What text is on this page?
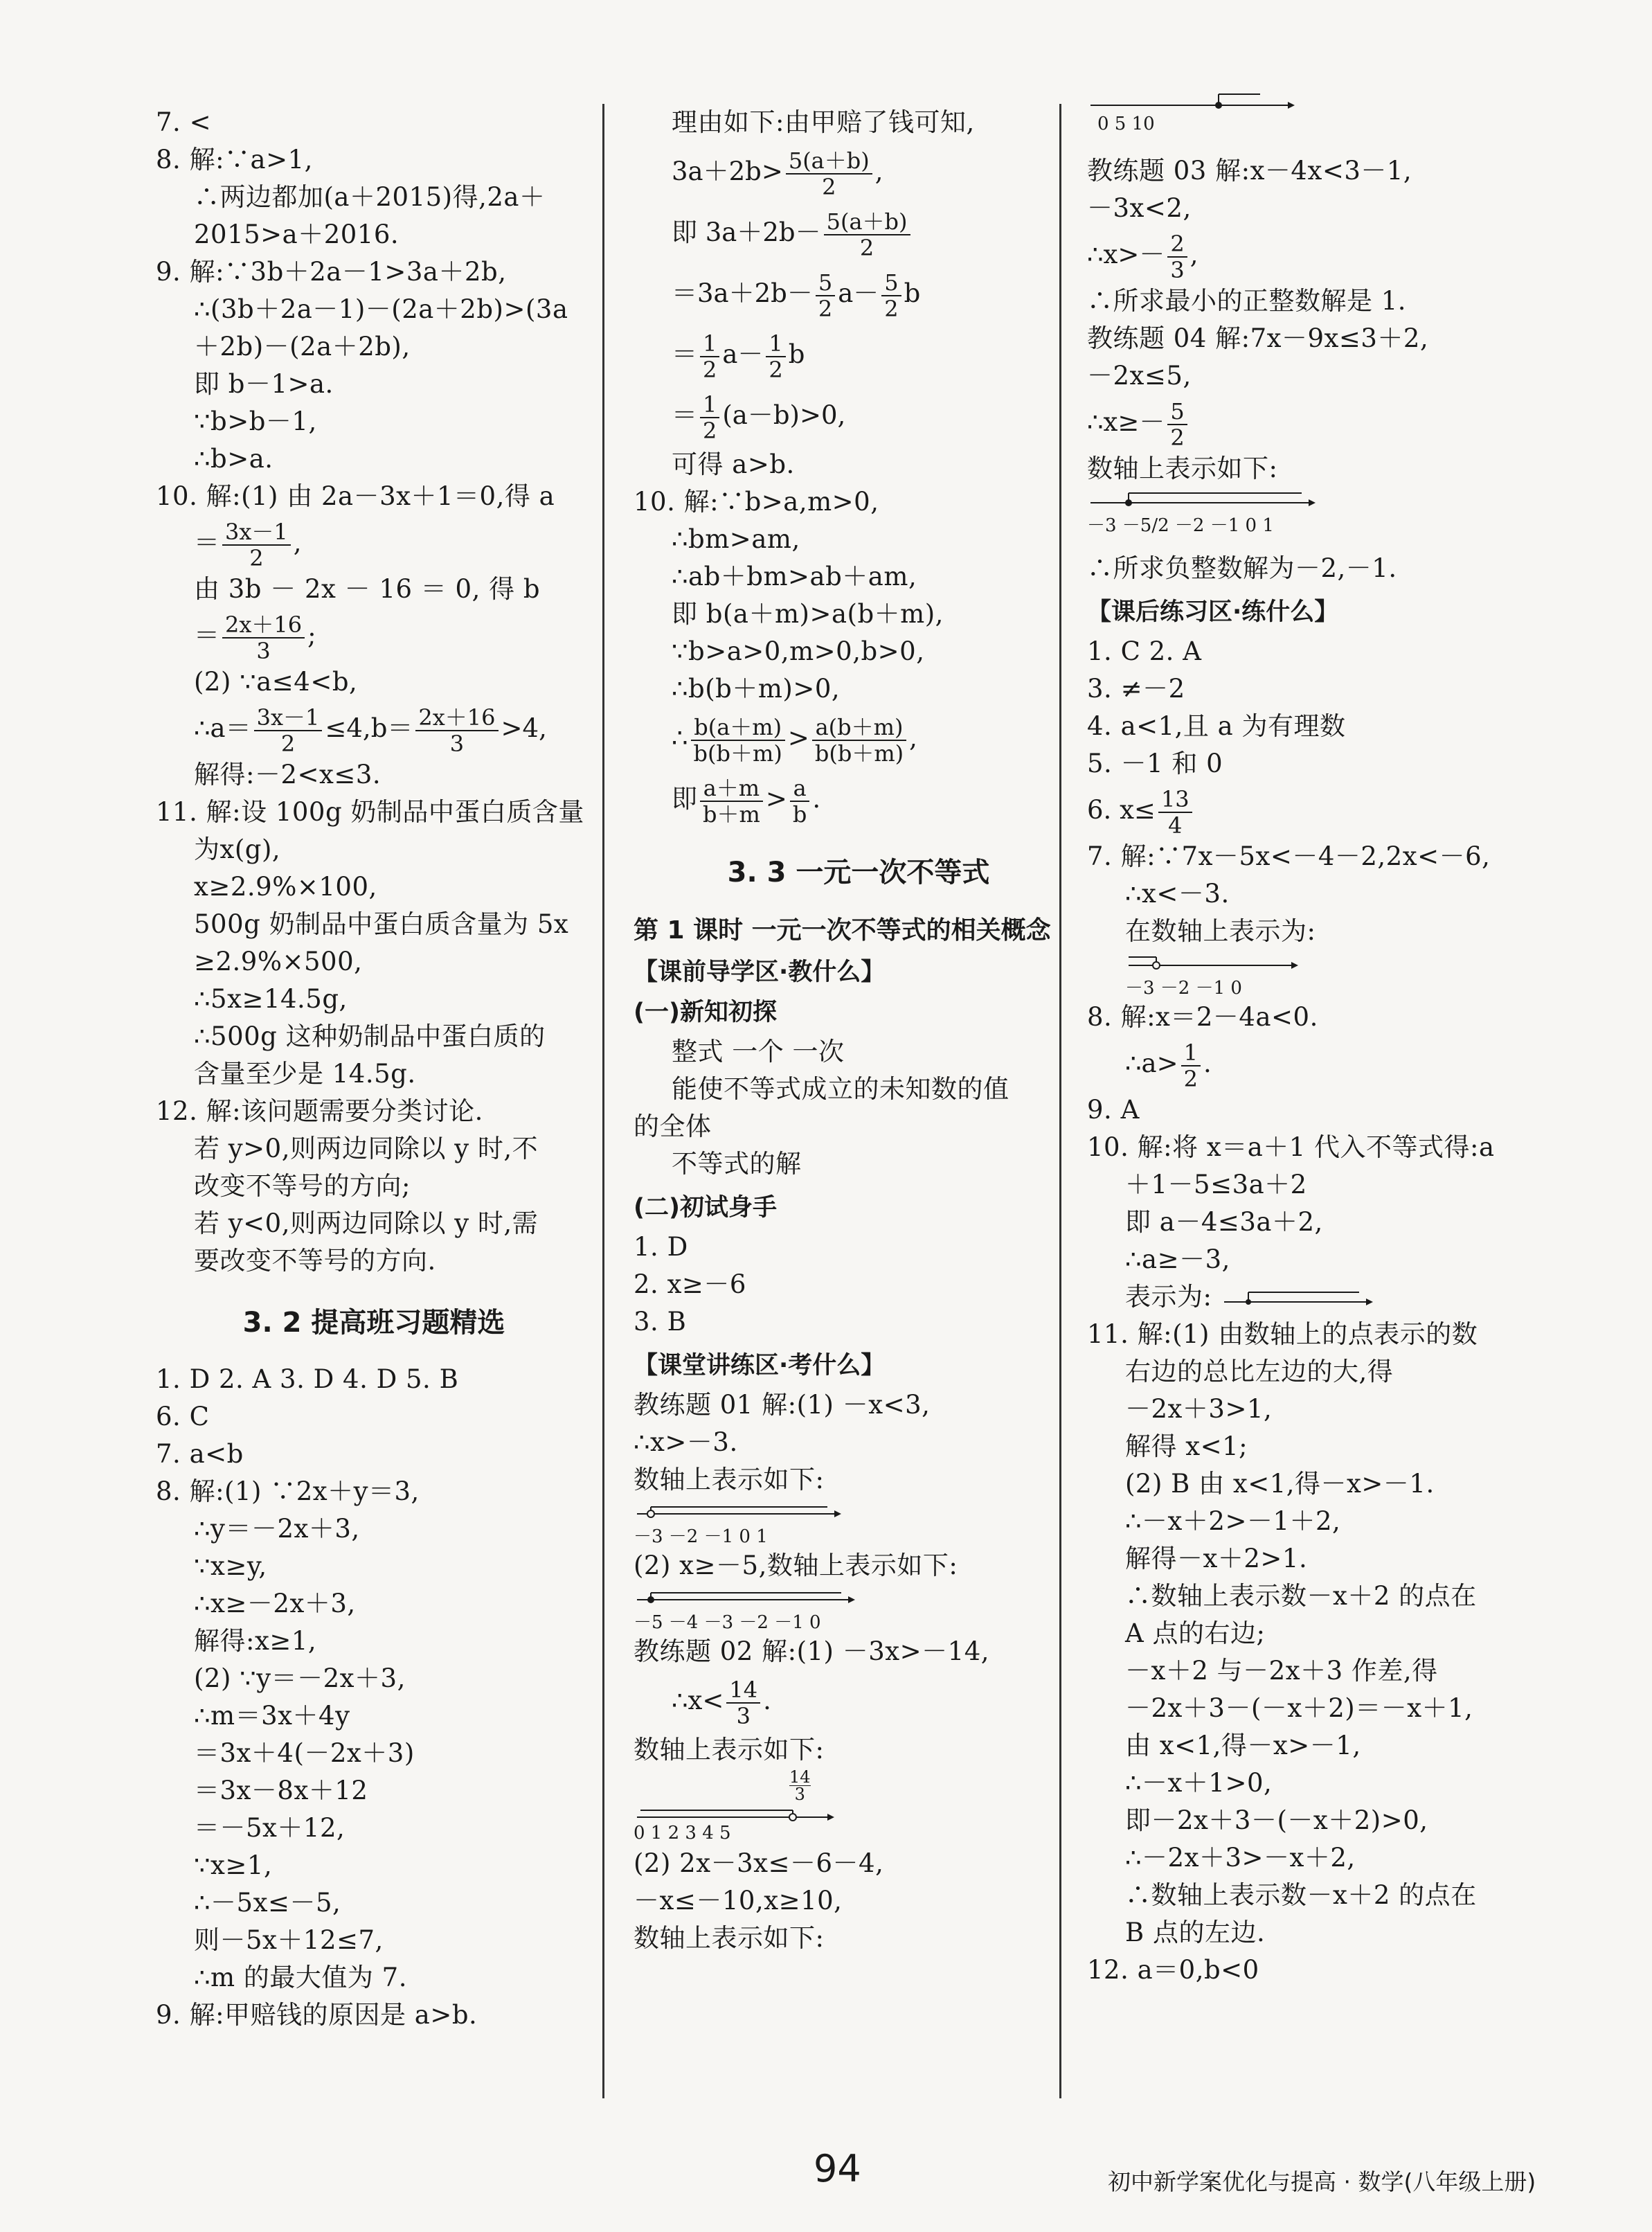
7. <
8. 解:∵a>1,
∴两边都加(a＋2015)得,2a＋
2015>a＋2016.
9. 解:∵3b＋2a－1>3a＋2b,
∴(3b＋2a－1)－(2a＋2b)>(3a
＋2b)－(2a＋2b),
即 b－1>a.
∵b>b－1,
∴b>a.
10. 解:(1) 由 2a－3x＋1＝0,得 a
＝ $\frac{3x-1}{2}$ ,
由 3b － 2x － 16 ＝ 0, 得 b
＝ $\frac{2x+16}{3}$ ;
(2) ∵a≤4<b,
∴a＝ $\frac{3x-1}{2} \le 4,b= \frac{2x+16}{3} >4$,
解得:－2<x≤3.
11. 解:设 100g 奶制品中蛋白质含量
为x(g),
x≥2.9%×100,
500g 奶制品中蛋白质含量为 5x
≥2.9%×500,
∴5x≥14.5g,
∴500g 这种奶制品中蛋白质的
含量至少是 14.5g.
12. 解:该问题需要分类讨论.
若 y>0,则两边同除以 y 时,不
改变不等号的方向;
若 y<0,则两边同除以 y 时,需
要改变不等号的方向.
3. 2 提高班习题精选
1. D 2. A 3. D 4. D 5. B
6. C
7. a<b
8. 解:(1) ∵2x＋y＝3,
∴y＝－2x＋3,
∵x≥y,
∴x≥－2x＋3,
解得:x≥1,
(2) ∵y＝－2x＋3,
∴m＝3x＋4y
＝3x＋4(－2x＋3)
＝3x－8x＋12
＝－5x＋12,
∵x≥1,
∴－5x≤－5,
则－5x＋12≤7,
∴m 的最大值为 7.
9. 解:甲赔钱的原因是 a>b.
理由如下:由甲赔了钱可知,
$3a+2b> \frac{5(a+b)}{2}$ ,
即 $3a+2b- \frac{5(a+b)}{2}$
$=3a+2b- \frac{5}{2} a- \frac{5}{2}$ b
＝ $\frac{1}{2} a- \frac{1}{2}$ b
＝ $\frac{1}{2} (a-b)>0$,
可得 a>b.
10. 解:∵b>a,m>0,
∴bm>am,
∴ab＋bm>ab＋am,
即 b(a＋m)>a(b＋m),
∵b>a>0,m>0,b>0,
∴b(b＋m)>0,
∴ $\frac{b(a+m)}{b(b+m)} > \frac{a(b+m)}{b(b+m)}$ ,
即 $\frac{a+m}{b+m} > \frac{a}{b}$ .
3. 3 一元一次不等式
第 1 课时 一元一次不等式的相关概念
【课前导学区·教什么】
(一)新知初探
整式 一个 一次
能使不等式成立的未知数的值
的全体
不等式的解
(二)初试身手
1. D
2. x≥－6
3. B
【课堂讲练区·考什么】
教练题 01 解:(1) －x<3,
∴x>－3.
数轴上表示如下:
－3 －2 －1 0 1
(2) x≥－5,数轴上表示如下:
－5 －4 －3 －2 －1 0
教练题 02 解:(1) －3x>－14,
∴x< $\frac{14}{3}$ .
数轴上表示如下:
14
3
0 1 2 3 4 5
(2) 2x－3x≤－6－4,
－x≤－10,x≥10,
数轴上表示如下:
0 5 10
教练题 03 解:x－4x<3－1,
－3x<2,
∴x>－ $\frac{2}{3}$ ,
∴所求最小的正整数解是 1.
教练题 04 解:7x－9x≤3＋2,
－2x≤5,
∴x≥－ $\frac{5}{2}$
数轴上表示如下:
－3 －5/2 －2 －1 0 1
∴所求负整数解为－2,－1.
【课后练习区·练什么】
1. C 2. A
3. ≠－2
4. a<1,且 a 为有理数
5. －1 和 0
6. $x\le \frac{13}{4}$
7. 解:∵7x－5x<－4－2,2x<－6,
∴x<－3.
在数轴上表示为:
－3 －2 －1 0
8. 解:x＝2－4a<0.
∴a> $\frac{1}{2}$ .
9. A
10. 解:将 x＝a＋1 代入不等式得:a
＋1－5≤3a＋2
即 a－4≤3a＋2,
∴a≥－3,
表示为:
11. 解:(1) 由数轴上的点表示的数
右边的总比左边的大,得
－2x＋3>1,
解得 x<1;
(2) B 由 x<1,得－x>－1.
∴－x＋2>－1＋2,
解得－x＋2>1.
∴数轴上表示数－x＋2 的点在
A 点的右边;
－x＋2 与－2x＋3 作差,得
－2x＋3－(－x＋2)＝－x＋1,
由 x<1,得－x>－1,
∴－x＋1>0,
即－2x＋3－(－x＋2)>0,
∴－2x＋3>－x＋2,
∴数轴上表示数－x＋2 的点在
B 点的左边.
12. a＝0,b<0
94	初中新学案优化与提高 · 数学(八年级上册)
